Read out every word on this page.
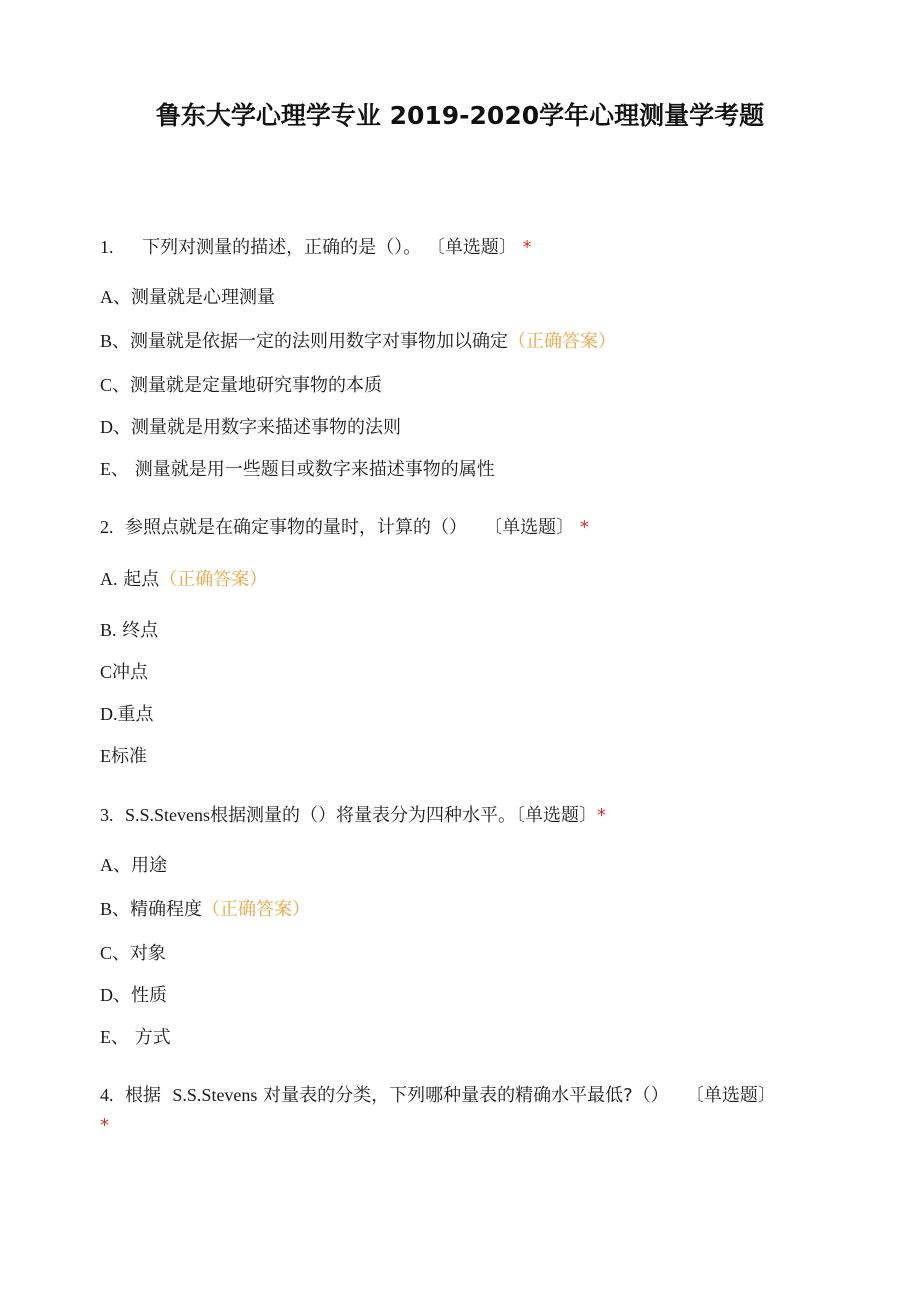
鲁东大学心理学专业 2019-2020学年心理测量学考题
1. 下列对测量的描述，正确的是（）。 〔单选题〕 *
A、测量就是心理测量
B、测量就是依据一定的法则用数字对事物加以确定（正确答案）
C、测量就是定量地研究事物的本质
D、测量就是用数字来描述事物的法则
E、 测量就是用一些题目或数字来描述事物的属性
2. 参照点就是在确定事物的量时，计算的（） 〔单选题〕 *
A. 起点（正确答案）
B. 终点
C冲点
D.重点
E标准
3. S.S.Stevens根据测量的（）将量表分为四种水平。〔单选题〕*
A、用途
B、精确程度（正确答案）
C、对象
D、性质
E、 方式
4. 根据 S.S.Stevens 对量表的分类，下列哪种量表的精确水平最低?（） 〔单选题〕 *
